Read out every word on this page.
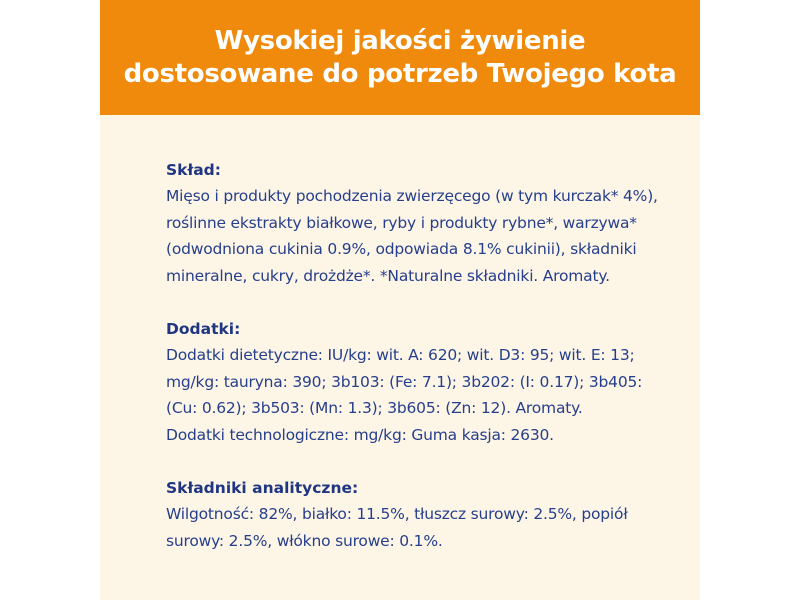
Wysokiej jakości żywienie
dostosowane do potrzeb Twojego kota
Skład:
Mięso i produkty pochodzenia zwierzęcego (w tym kurczak* 4%),
roślinne ekstrakty białkowe, ryby i produkty rybne*, warzywa*
(odwodniona cukinia 0.9%, odpowiada 8.1% cukinii), składniki
mineralne, cukry, drożdże*. *Naturalne składniki. Aromaty.
Dodatki:
Dodatki dietetyczne: IU/kg: wit. A: 620; wit. D3: 95; wit. E: 13;
mg/kg: tauryna: 390; 3b103: (Fe: 7.1); 3b202: (I: 0.17); 3b405:
(Cu: 0.62); 3b503: (Mn: 1.3); 3b605: (Zn: 12). Aromaty.
Dodatki technologiczne: mg/kg: Guma kasja: 2630.
Składniki analityczne:
Wilgotność: 82%, białko: 11.5%, tłuszcz surowy: 2.5%, popiół
surowy: 2.5%, włókno surowe: 0.1%.
